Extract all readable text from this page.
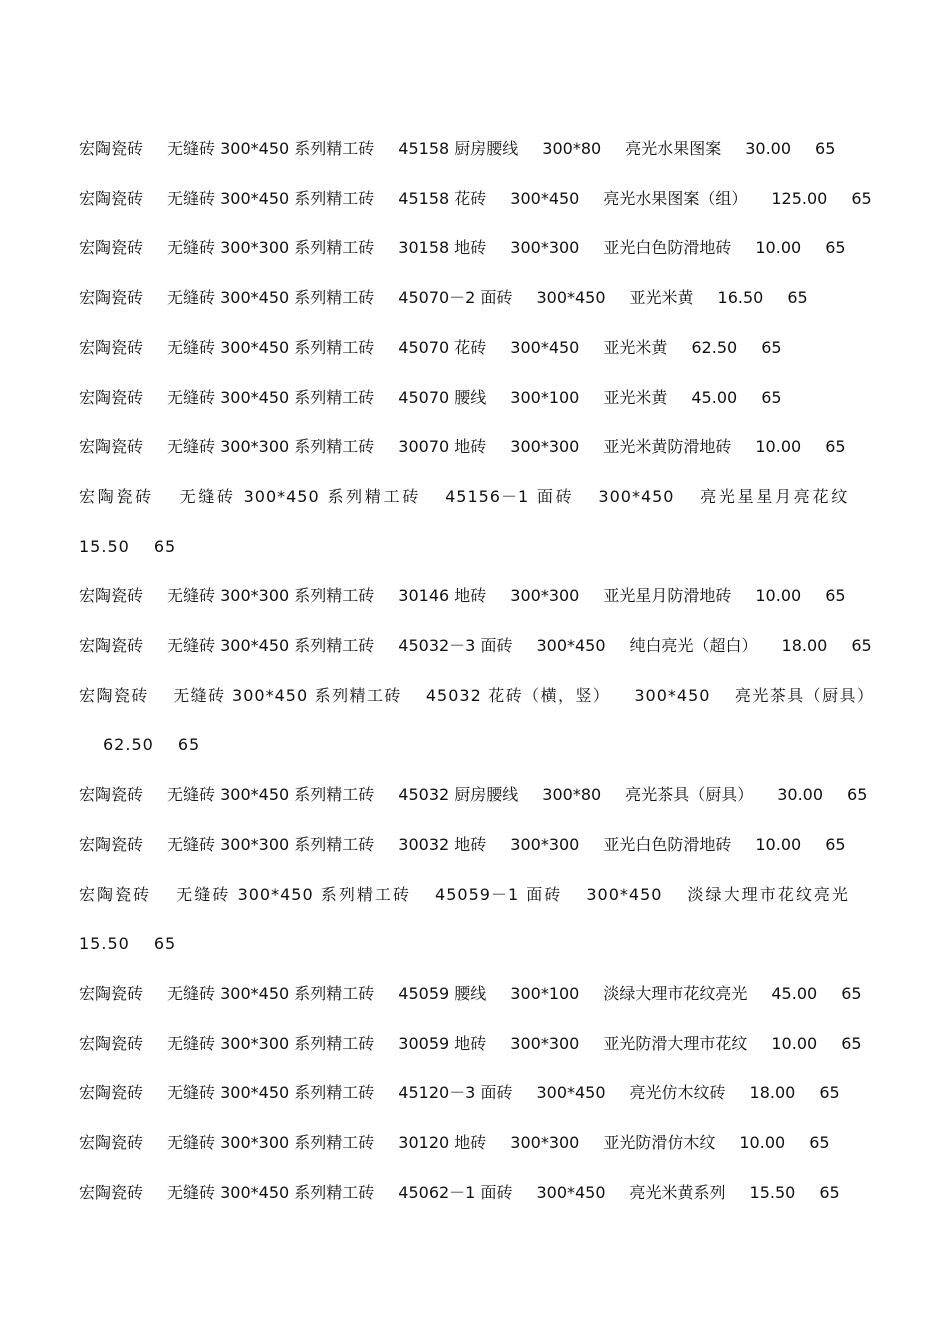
宏陶瓷砖 无缝砖 300*450 系列精工砖 45158 厨房腰线 300*80 亮光水果图案 30.00 65
宏陶瓷砖 无缝砖 300*450 系列精工砖 45158 花砖 300*450 亮光水果图案（组） 125.00 65
宏陶瓷砖 无缝砖 300*300 系列精工砖 30158 地砖 300*300 亚光白色防滑地砖 10.00 65
宏陶瓷砖 无缝砖 300*450 系列精工砖 45070－2 面砖 300*450 亚光米黄 16.50 65
宏陶瓷砖 无缝砖 300*450 系列精工砖 45070 花砖 300*450 亚光米黄 62.50 65
宏陶瓷砖 无缝砖 300*450 系列精工砖 45070 腰线 300*100 亚光米黄 45.00 65
宏陶瓷砖 无缝砖 300*300 系列精工砖 30070 地砖 300*300 亚光米黄防滑地砖 10.00 65
宏陶瓷砖 无缝砖 300*450 系列精工砖 45156－1 面砖 300*450 亮光星星月亮花纹15.50 65
宏陶瓷砖 无缝砖 300*300 系列精工砖 30146 地砖 300*300 亚光星月防滑地砖 10.00 65
宏陶瓷砖 无缝砖 300*450 系列精工砖 45032－3 面砖 300*450 纯白亮光（超白） 18.00 65
宏陶瓷砖 无缝砖 300*450 系列精工砖 45032 花砖（横，竖） 300*450 亮光茶具（厨具）62.50 65
宏陶瓷砖 无缝砖 300*450 系列精工砖 45032 厨房腰线 300*80 亮光茶具（厨具） 30.00 65
宏陶瓷砖 无缝砖 300*300 系列精工砖 30032 地砖 300*300 亚光白色防滑地砖 10.00 65
宏陶瓷砖 无缝砖 300*450 系列精工砖 45059－1 面砖 300*450 淡绿大理市花纹亮光15.50 65
宏陶瓷砖 无缝砖 300*450 系列精工砖 45059 腰线 300*100 淡绿大理市花纹亮光 45.00 65
宏陶瓷砖 无缝砖 300*300 系列精工砖 30059 地砖 300*300 亚光防滑大理市花纹 10.00 65
宏陶瓷砖 无缝砖 300*450 系列精工砖 45120－3 面砖 300*450 亮光仿木纹砖 18.00 65
宏陶瓷砖 无缝砖 300*300 系列精工砖 30120 地砖 300*300 亚光防滑仿木纹 10.00 65
宏陶瓷砖 无缝砖 300*450 系列精工砖 45062－1 面砖 300*450 亮光米黄系列 15.50 65
